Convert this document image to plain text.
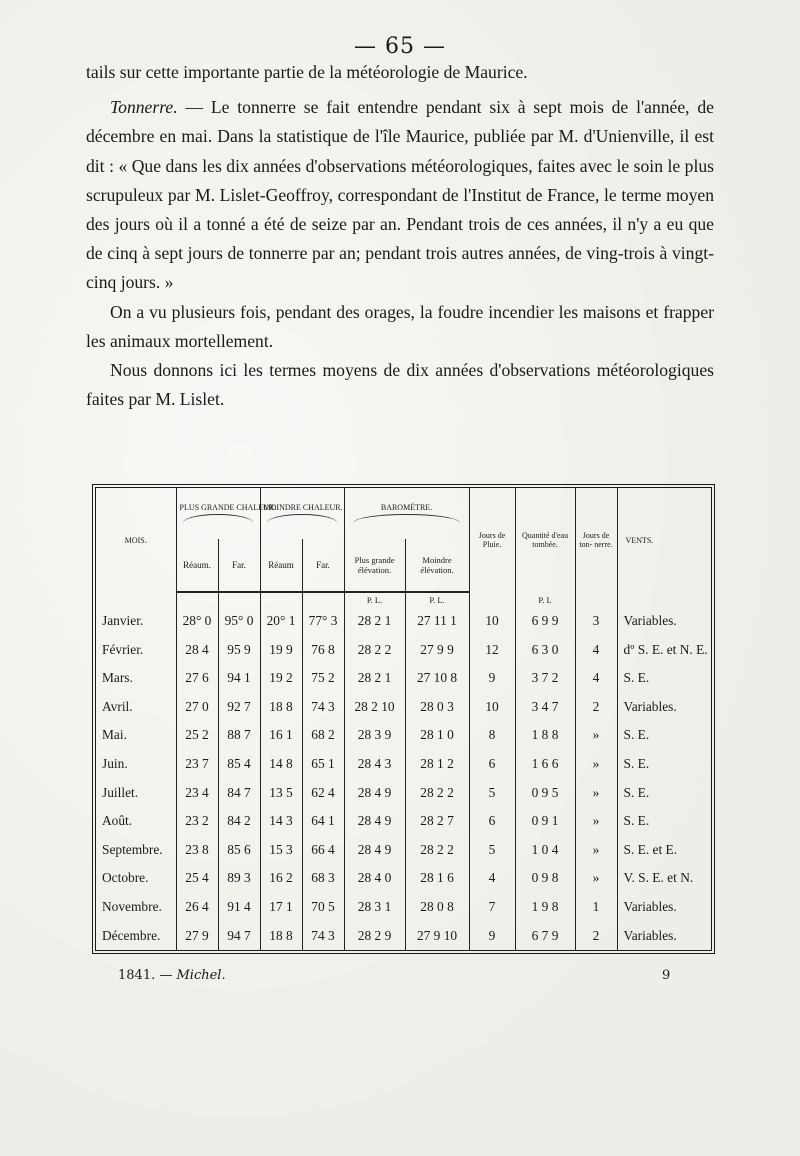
— 65 —

tails sur cette importante partie de la météorologie de Maurice.

Tonnerre. — Le tonnerre se fait entendre pendant six à sept mois de l'année, de décembre en mai. Dans la statistique de l'île Maurice, publiée par M. d'Unienville, il est dit : « Que dans les dix années d'observations météorologiques, faites avec le soin le plus scrupuleux par M. Lislet-Geoffroy, correspondant de l'Institut de France, le terme moyen des jours où il a tonné a été de seize par an. Pendant trois de ces années, il n'y a eu que de cinq à sept jours de tonnerre par an; pendant trois autres années, de ving-trois à vingt-cinq jours. »

On a vu plusieurs fois, pendant des orages, la foudre incendier les maisons et frapper les animaux mortellement.

Nous donnons ici les termes moyens de dix années d'observations météorologiques faites par M. Lislet.

MOIS.	PLUS GRANDE CHALEUR.		MOINDRE CHALEUR.		BAROMÈTRE.		Jours de Pluie.	Quantité d'eau tombée.	Jours de ton- nerre.	VENTS.
	Réaum.	Far.	Réaum	Far.	Plus grande élévation.	Moindre élévation.				
					P. L.	P. L.		P. L		
Janvier.	28° 0	95° 0	20° 1	77° 3	28 2 1	27 11 1	10	6 9 9	3	Variables.
Février.	28 4	95 9	19 9	76 8	28 2 2	27 9 9	12	6 3 0	4	dº S. E. et N. E.
Mars.	27 6	94 1	19 2	75 2	28 2 1	27 10 8	9	3 7 2	4	S. E.
Avril.	27 0	92 7	18 8	74 3	28 2 10	28 0 3	10	3 4 7	2	Variables.
Mai.	25 2	88 7	16 1	68 2	28 3 9	28 1 0	8	1 8 8	»	S. E.
Juin.	23 7	85 4	14 8	65 1	28 4 3	28 1 2	6	1 6 6	»	S. E.
Juillet.	23 4	84 7	13 5	62 4	28 4 9	28 2 2	5	0 9 5	»	S. E.
Août.	23 2	84 2	14 3	64 1	28 4 9	28 2 7	6	0 9 1	»	S. E.
Septembre.	23 8	85 6	15 3	66 4	28 4 9	28 2 2	5	1 0 4	»	S. E. et E.
Octobre.	25 4	89 3	16 2	68 3	28 4 0	28 1 6	4	0 9 8	»	V. S. E. et N.
Novembre.	26 4	91 4	17 1	70 5	28 3 1	28 0 8	7	1 9 8	1	Variables.
Décembre.	27 9	94 7	18 8	74 3	28 2 9	27 9 10	9	6 7 9	2	Variables.
1841. — Michel.	9
